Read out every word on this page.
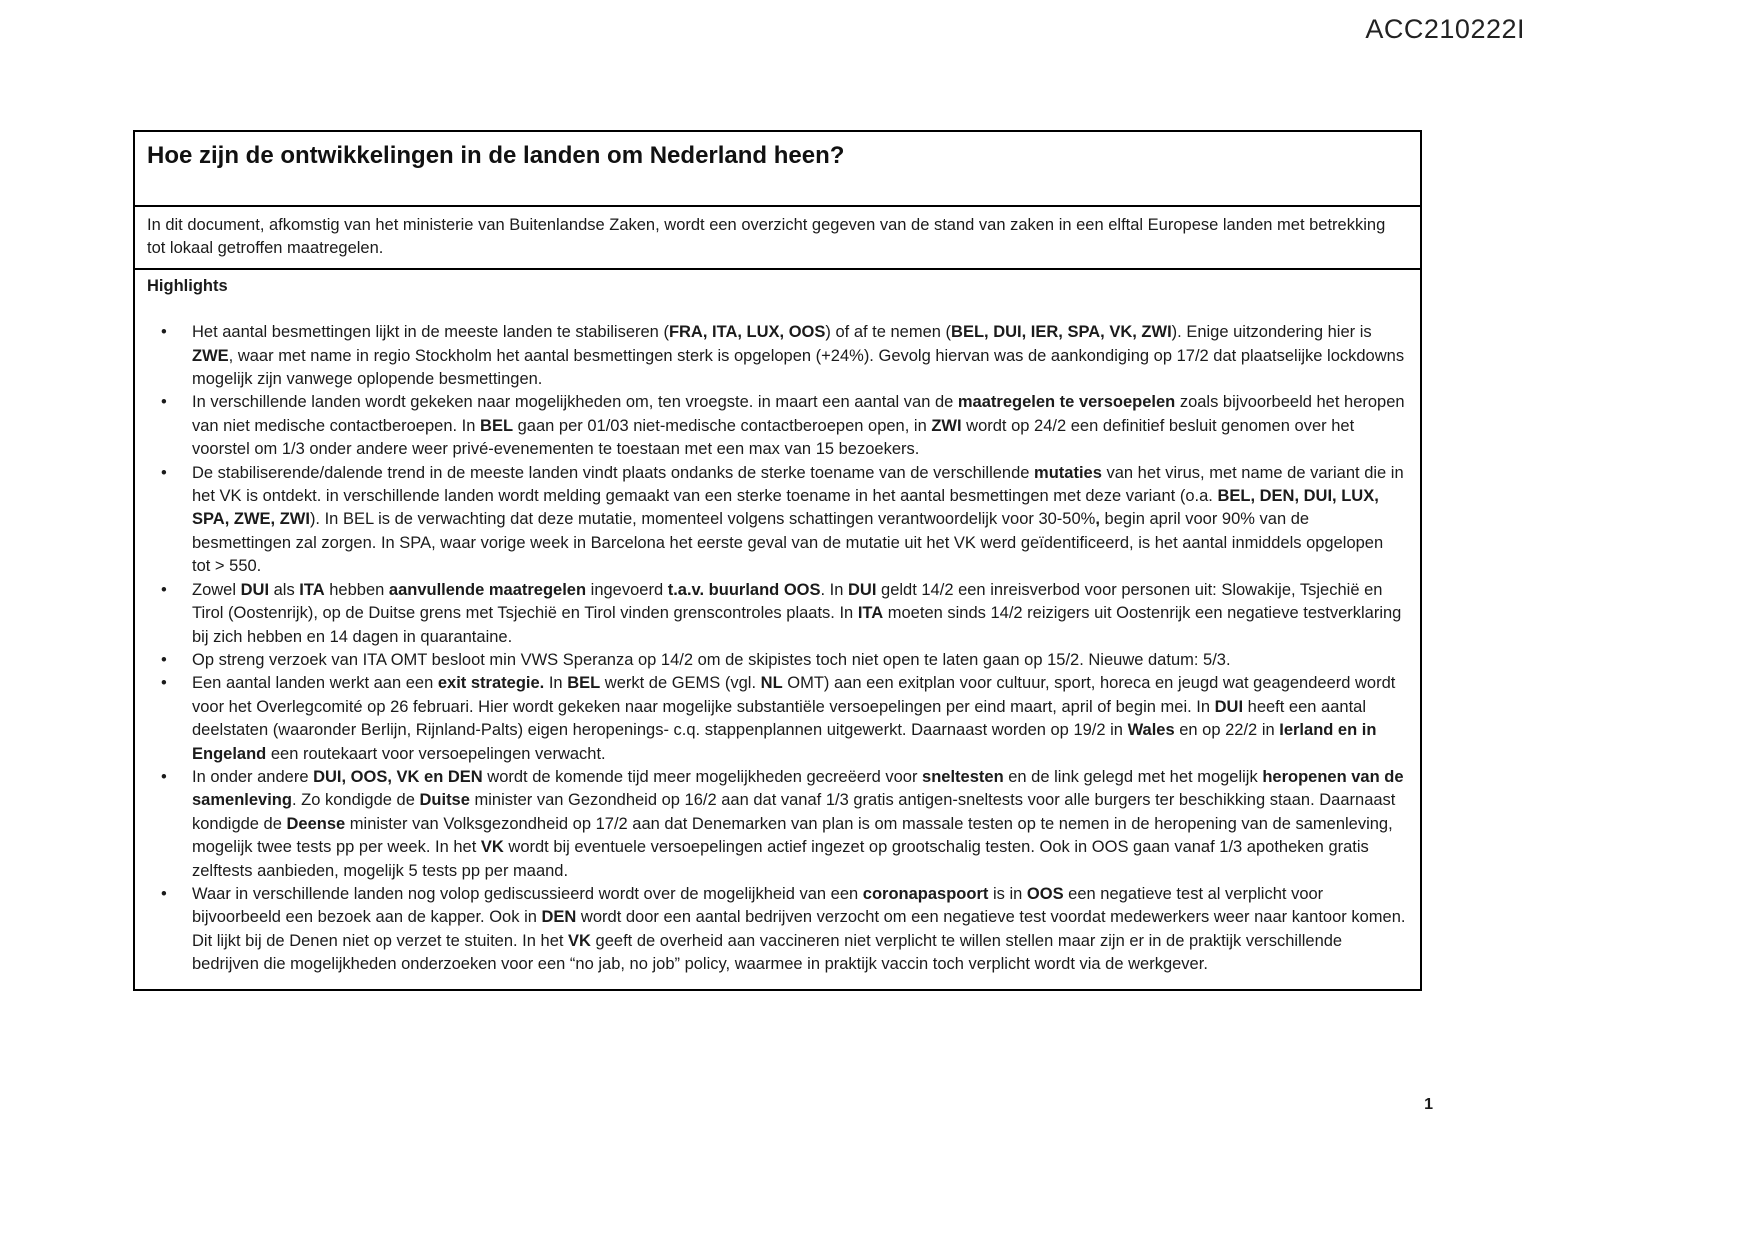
ACC210222I
Hoe zijn de ontwikkelingen in de landen om Nederland heen?
In dit document, afkomstig van het ministerie van Buitenlandse Zaken, wordt een overzicht gegeven van de stand van zaken in een elftal Europese landen met betrekking tot lokaal getroffen maatregelen.
Highlights
• Het aantal besmettingen lijkt in de meeste landen te stabiliseren (FRA, ITA, LUX, OOS) of af te nemen (BEL, DUI, IER, SPA, VK, ZWI). Enige uitzondering hier is ZWE, waar met name in regio Stockholm het aantal besmettingen sterk is opgelopen (+24%). Gevolg hiervan was de aankondiging op 17/2 dat plaatselijke lockdowns mogelijk zijn vanwege oplopende besmettingen.
• In verschillende landen wordt gekeken naar mogelijkheden om, ten vroegste. in maart een aantal van de maatregelen te versoepelen zoals bijvoorbeeld het heropen van niet medische contactberoepen. In BEL gaan per 01/03 niet-medische contactberoepen open, in ZWI wordt op 24/2 een definitief besluit genomen over het voorstel om 1/3 onder andere weer privé-evenementen te toestaan met een max van 15 bezoekers.
• De stabiliserende/dalende trend in de meeste landen vindt plaats ondanks de sterke toename van de verschillende mutaties van het virus, met name de variant die in het VK is ontdekt. in verschillende landen wordt melding gemaakt van een sterke toename in het aantal besmettingen met deze variant (o.a. BEL, DEN, DUI, LUX, SPA, ZWE, ZWI). In BEL is de verwachting dat deze mutatie, momenteel volgens schattingen verantwoordelijk voor 30-50%, begin april voor 90% van de besmettingen zal zorgen. In SPA, waar vorige week in Barcelona het eerste geval van de mutatie uit het VK werd geïdentificeerd, is het aantal inmiddels opgelopen tot > 550.
• Zowel DUI als ITA hebben aanvullende maatregelen ingevoerd t.a.v. buurland OOS. In DUI geldt 14/2 een inreisverbod voor personen uit: Slowakije, Tsjechië en Tirol (Oostenrijk), op de Duitse grens met Tsjechië en Tirol vinden grenscontroles plaats. In ITA moeten sinds 14/2 reizigers uit Oostenrijk een negatieve testverklaring bij zich hebben en 14 dagen in quarantaine.
• Op streng verzoek van ITA OMT besloot min VWS Speranza op 14/2 om de skipistes toch niet open te laten gaan op 15/2. Nieuwe datum: 5/3.
• Een aantal landen werkt aan een exit strategie. In BEL werkt de GEMS (vgl. NL OMT) aan een exitplan voor cultuur, sport, horeca en jeugd wat geagendeerd wordt voor het Overlegcomité op 26 februari. Hier wordt gekeken naar mogelijke substantiële versoepelingen per eind maart, april of begin mei. In DUI heeft een aantal deelstaten (waaronder Berlijn, Rijnland-Palts) eigen heropenings- c.q. stappenplannen uitgewerkt. Daarnaast worden op 19/2 in Wales en op 22/2 in Ierland en in Engeland een routekaart voor versoepelingen verwacht.
• In onder andere DUI, OOS, VK en DEN wordt de komende tijd meer mogelijkheden gecreëerd voor sneltesten en de link gelegd met het mogelijk heropenen van de samenleving. Zo kondigde de Duitse minister van Gezondheid op 16/2 aan dat vanaf 1/3 gratis antigen-sneltests voor alle burgers ter beschikking staan. Daarnaast kondigde de Deense minister van Volksgezondheid op 17/2 aan dat Denemarken van plan is om massale testen op te nemen in de heropening van de samenleving, mogelijk twee tests pp per week. In het VK wordt bij eventuele versoepelingen actief ingezet op grootschalig testen. Ook in OOS gaan vanaf 1/3 apotheken gratis zelftests aanbieden, mogelijk 5 tests pp per maand.
• Waar in verschillende landen nog volop gediscussieerd wordt over de mogelijkheid van een coronapaspoort is in OOS een negatieve test al verplicht voor bijvoorbeeld een bezoek aan de kapper. Ook in DEN wordt door een aantal bedrijven verzocht om een negatieve test voordat medewerkers weer naar kantoor komen. Dit lijkt bij de Denen niet op verzet te stuiten. In het VK geeft de overheid aan vaccineren niet verplicht te willen stellen maar zijn er in de praktijk verschillende bedrijven die mogelijkheden onderzoeken voor een “no jab, no job” policy, waarmee in praktijk vaccin toch verplicht wordt via de werkgever.
1
